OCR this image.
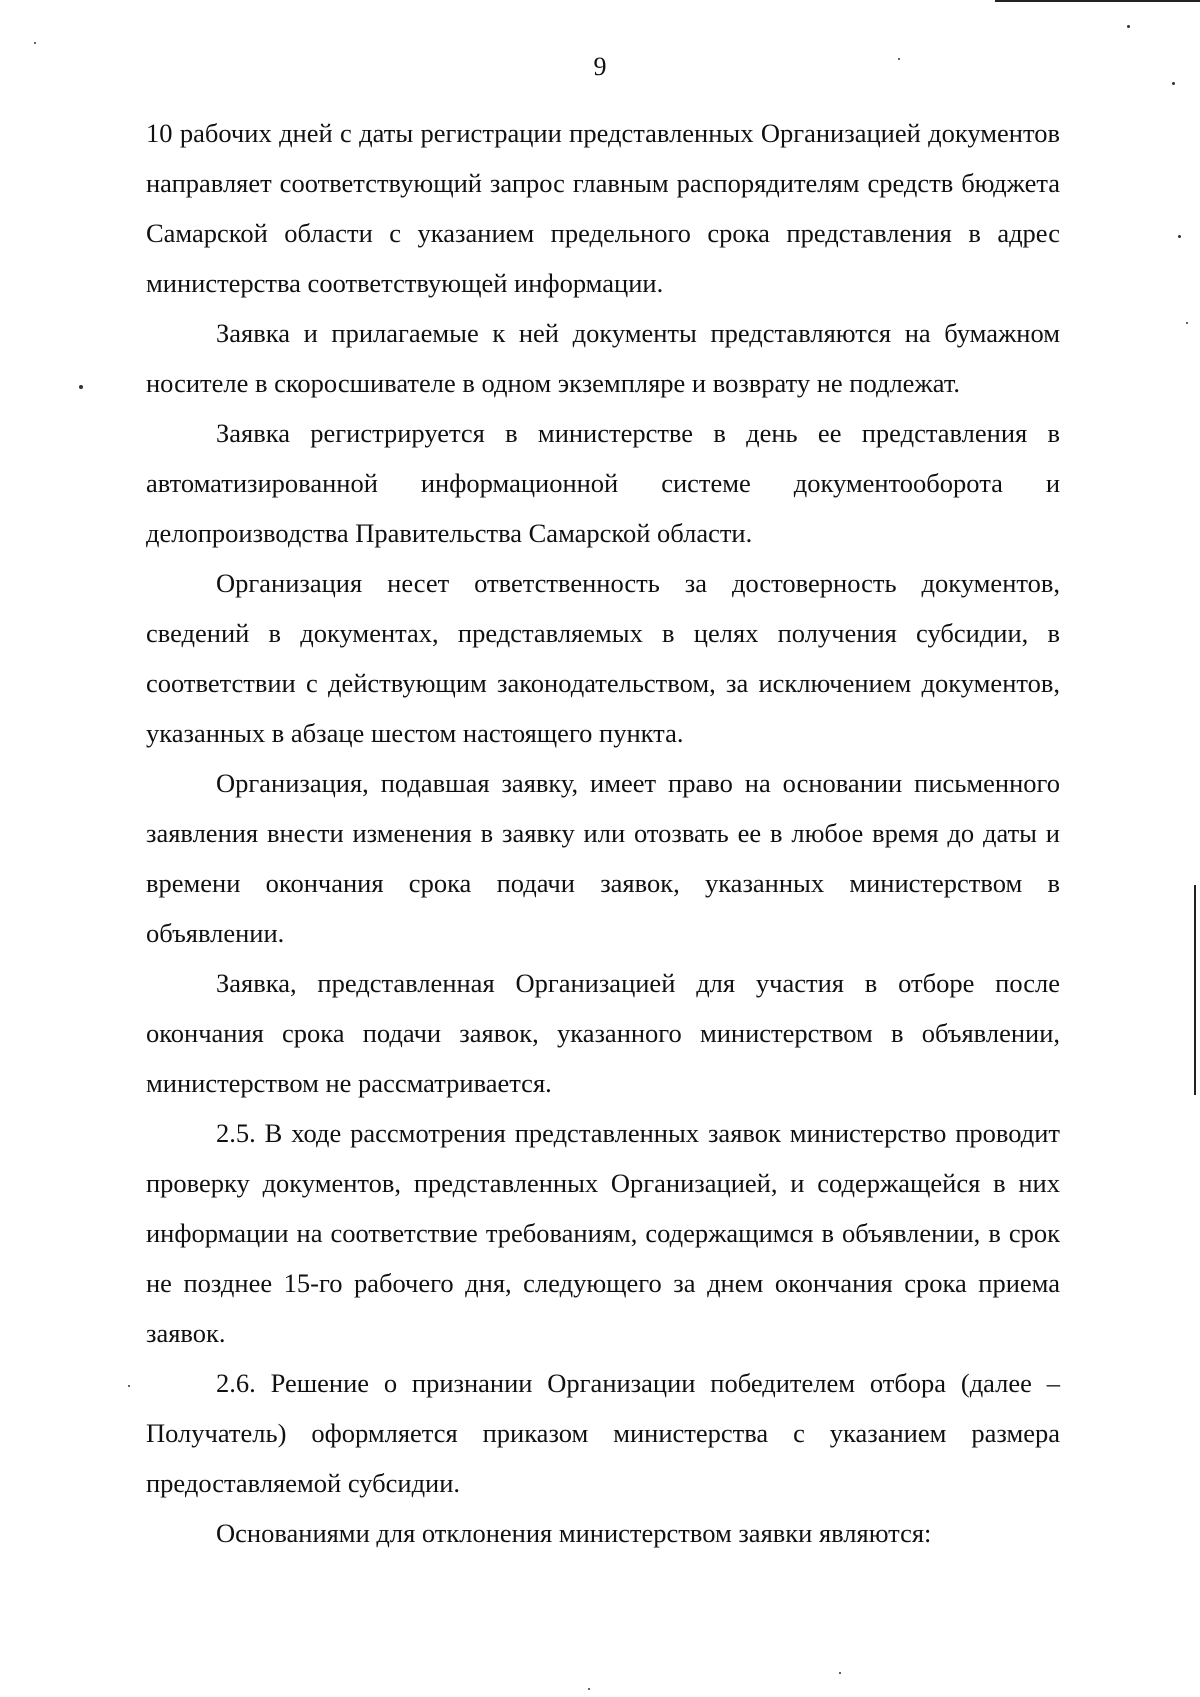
9

10 рабочих дней с даты регистрации представленных Организацией документов направляет соответствующий запрос главным распорядителям средств бюджета Самарской области с указанием предельного срока представления в адрес министерства соответствующей информации.

Заявка и прилагаемые к ней документы представляются на бумажном носителе в скоросшивателе в одном экземпляре и возврату не подлежат.

Заявка регистрируется в министерстве в день ее представления в автоматизированной информационной системе документооборота и делопроизводства Правительства Самарской области.

Организация несет ответственность за достоверность документов, сведений в документах, представляемых в целях получения субсидии, в соответствии с действующим законодательством, за исключением документов, указанных в абзаце шестом настоящего пункта.

Организация, подавшая заявку, имеет право на основании письменного заявления внести изменения в заявку или отозвать ее в любое время до даты и времени окончания срока подачи заявок, указанных министерством в объявлении.

Заявка, представленная Организацией для участия в отборе после окончания срока подачи заявок, указанного министерством в объявлении, министерством не рассматривается.

2.5. В ходе рассмотрения представленных заявок министерство проводит проверку документов, представленных Организацией, и содержащейся в них информации на соответствие требованиям, содержащимся в объявлении, в срок не позднее 15-го рабочего дня, следующего за днем окончания срока приема заявок.

2.6. Решение о признании Организации победителем отбора (далее – Получатель) оформляется приказом министерства с указанием размера предоставляемой субсидии.

Основаниями для отклонения министерством заявки являются:
